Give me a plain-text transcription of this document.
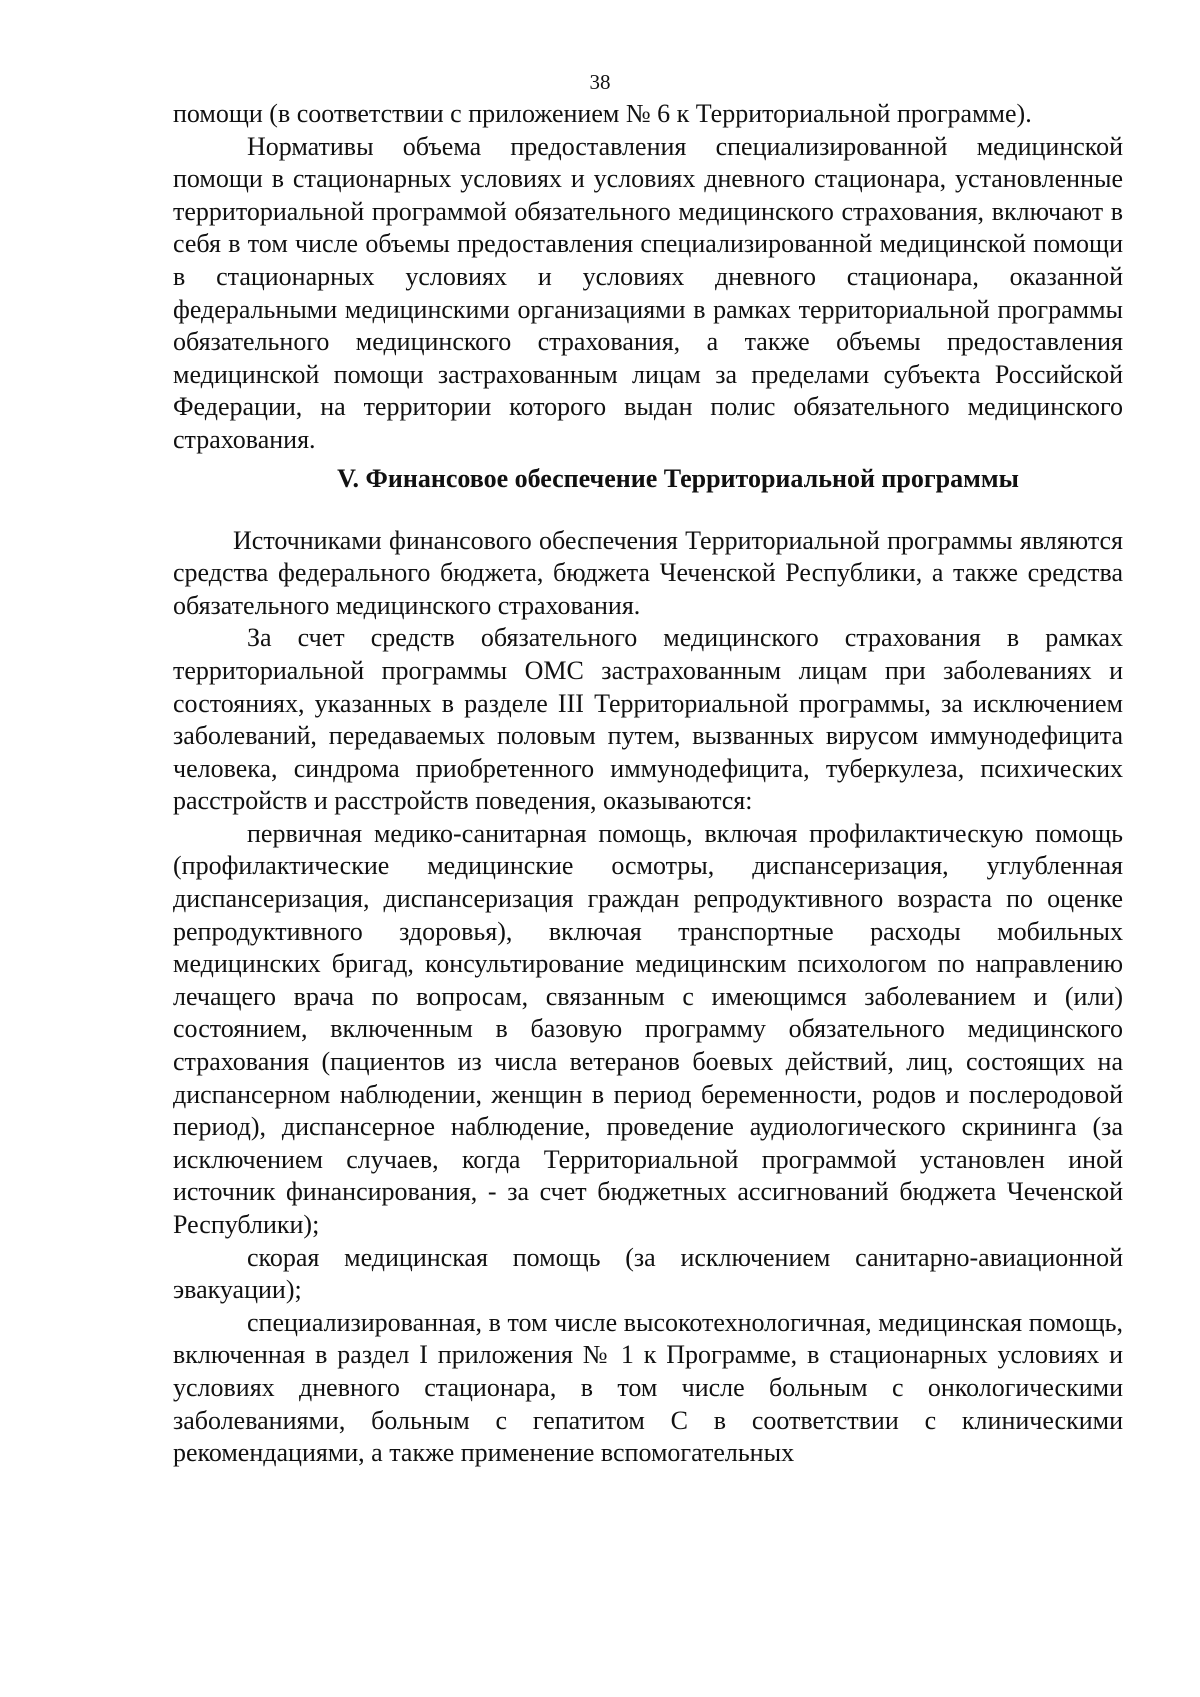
38

помощи (в соответствии с приложением № 6 к Территориальной программе).

Нормативы объема предоставления специализированной медицинской помощи в стационарных условиях и условиях дневного стационара, установленные территориальной программой обязательного медицинского страхования, включают в себя в том числе объемы предоставления специализированной медицинской помощи в стационарных условиях и условиях дневного стационара, оказанной федеральными медицинскими организациями в рамках территориальной программы обязательного медицинского страхования, а также объемы предоставления медицинской помощи застрахованным лицам за пределами субъекта Российской Федерации, на территории которого выдан полис обязательного медицинского страхования.

V. Финансовое обеспечение Территориальной программы

Источниками финансового обеспечения Территориальной программы являются средства федерального бюджета, бюджета Чеченской Республики, а также средства обязательного медицинского страхования.

За счет средств обязательного медицинского страхования в рамках территориальной программы ОМС застрахованным лицам при заболеваниях и состояниях, указанных в разделе III Территориальной программы, за исключением заболеваний, передаваемых половым путем, вызванных вирусом иммунодефицита человека, синдрома приобретенного иммунодефицита, туберкулеза, психических расстройств и расстройств поведения, оказываются:

первичная медико-санитарная помощь, включая профилактическую помощь (профилактические медицинские осмотры, диспансеризация, углубленная диспансеризация, диспансеризация граждан репродуктивного возраста по оценке репродуктивного здоровья), включая транспортные расходы мобильных медицинских бригад, консультирование медицинским психологом по направлению лечащего врача по вопросам, связанным с имеющимся заболеванием и (или) состоянием, включенным в базовую программу обязательного медицинского страхования (пациентов из числа ветеранов боевых действий, лиц, состоящих на диспансерном наблюдении, женщин в период беременности, родов и послеродовой период), диспансерное наблюдение, проведение аудиологического скрининга (за исключением случаев, когда Территориальной программой установлен иной источник финансирования, - за счет бюджетных ассигнований бюджета Чеченской Республики);

скорая медицинская помощь (за исключением санитарно-авиационной эвакуации);

специализированная, в том числе высокотехнологичная, медицинская помощь, включенная в раздел I приложения № 1 к Программе, в стационарных условиях и условиях дневного стационара, в том числе больным с онкологическими заболеваниями, больным с гепатитом С в соответствии с клиническими рекомендациями, а также применение вспомогательных
